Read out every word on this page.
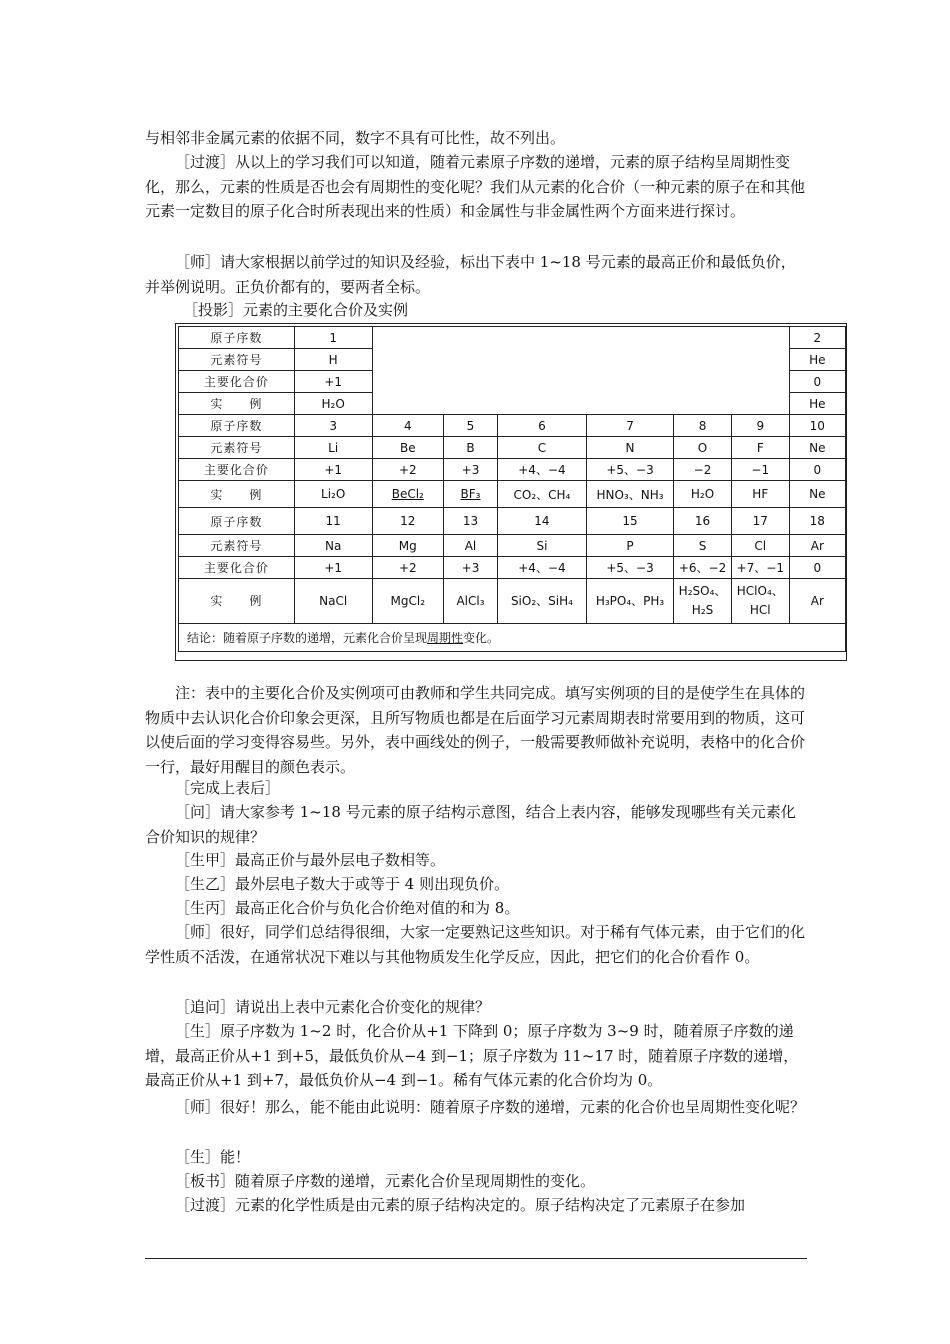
与相邻非金属元素的依据不同，数字不具有可比性，故不列出。

［过渡］从以上的学习我们可以知道，随着元素原子序数的递增，元素的原子结构呈周期性变化，那么，元素的性质是否也会有周期性的变化呢？我们从元素的化合价（一种元素的原子在和其他元素一定数目的原子化合时所表现出来的性质）和金属性与非金属性两个方面来进行探讨。

［师］请大家根据以前学过的知识及经验，标出下表中 1~18 号元素的最高正价和最低负价，并举例说明。正负价都有的，要两者全标。

［投影］元素的主要化合价及实例

原子序数	1							2
元素符号	H							He
主要化合价	+1							0
实　　例	H₂O							He
原子序数	3	4	5	6	7	8	9	10
元素符号	Li	Be	B	C	N	O	F	Ne
主要化合价	+1	+2	+3	+4、−4	+5、−3	−2	−1	0
实　　例	Li₂O	BeCl₂	BF₃	CO₂、CH₄	HNO₃、NH₃	H₂O	HF	Ne
原子序数	11	12	13	14	15	16	17	18
元素符号	Na	Mg	Al	Si	P	S	Cl	Ar
主要化合价	+1	+2	+3	+4、−4	+5、−3	+6、−2	+7、−1	0
实　　例	NaCl	MgCl₂	AlCl₃	SiO₂、SiH₄	H₃PO₄、PH₃	H₂SO₄、H₂S	HClO₄、HCl	Ar
结论：随着原子序数的递增，元素化合价呈现周期性变化。								

注：表中的主要化合价及实例项可由教师和学生共同完成。填写实例项的目的是使学生在具体的物质中去认识化合价印象会更深，且所写物质也都是在后面学习元素周期表时常要用到的物质，这可以使后面的学习变得容易些。另外，表中画线处的例子，一般需要教师做补充说明，表格中的化合价一行，最好用醒目的颜色表示。

［完成上表后］

［问］请大家参考 1~18 号元素的原子结构示意图，结合上表内容，能够发现哪些有关元素化合价知识的规律？

［生甲］最高正价与最外层电子数相等。

［生乙］最外层电子数大于或等于 4 则出现负价。

［生丙］最高正化合价与负化合价绝对值的和为 8。

［师］很好，同学们总结得很细，大家一定要熟记这些知识。对于稀有气体元素，由于它们的化学性质不活泼，在通常状况下难以与其他物质发生化学反应，因此，把它们的化合价看作 0。

［追问］请说出上表中元素化合价变化的规律？

［生］原子序数为 1~2 时，化合价从+1 下降到 0；原子序数为 3~9 时，随着原子序数的递增，最高正价从+1 到+5，最低负价从−4 到−1；原子序数为 11~17 时，随着原子序数的递增，最高正价从+1 到+7，最低负价从−4 到−1。稀有气体元素的化合价均为 0。

［师］很好！那么，能不能由此说明：随着原子序数的递增，元素的化合价也呈周期性变化呢？

［生］能！

［板书］随着原子序数的递增，元素化合价呈现周期性的变化。

［过渡］元素的化学性质是由元素的原子结构决定的。原子结构决定了元素原子在参加
